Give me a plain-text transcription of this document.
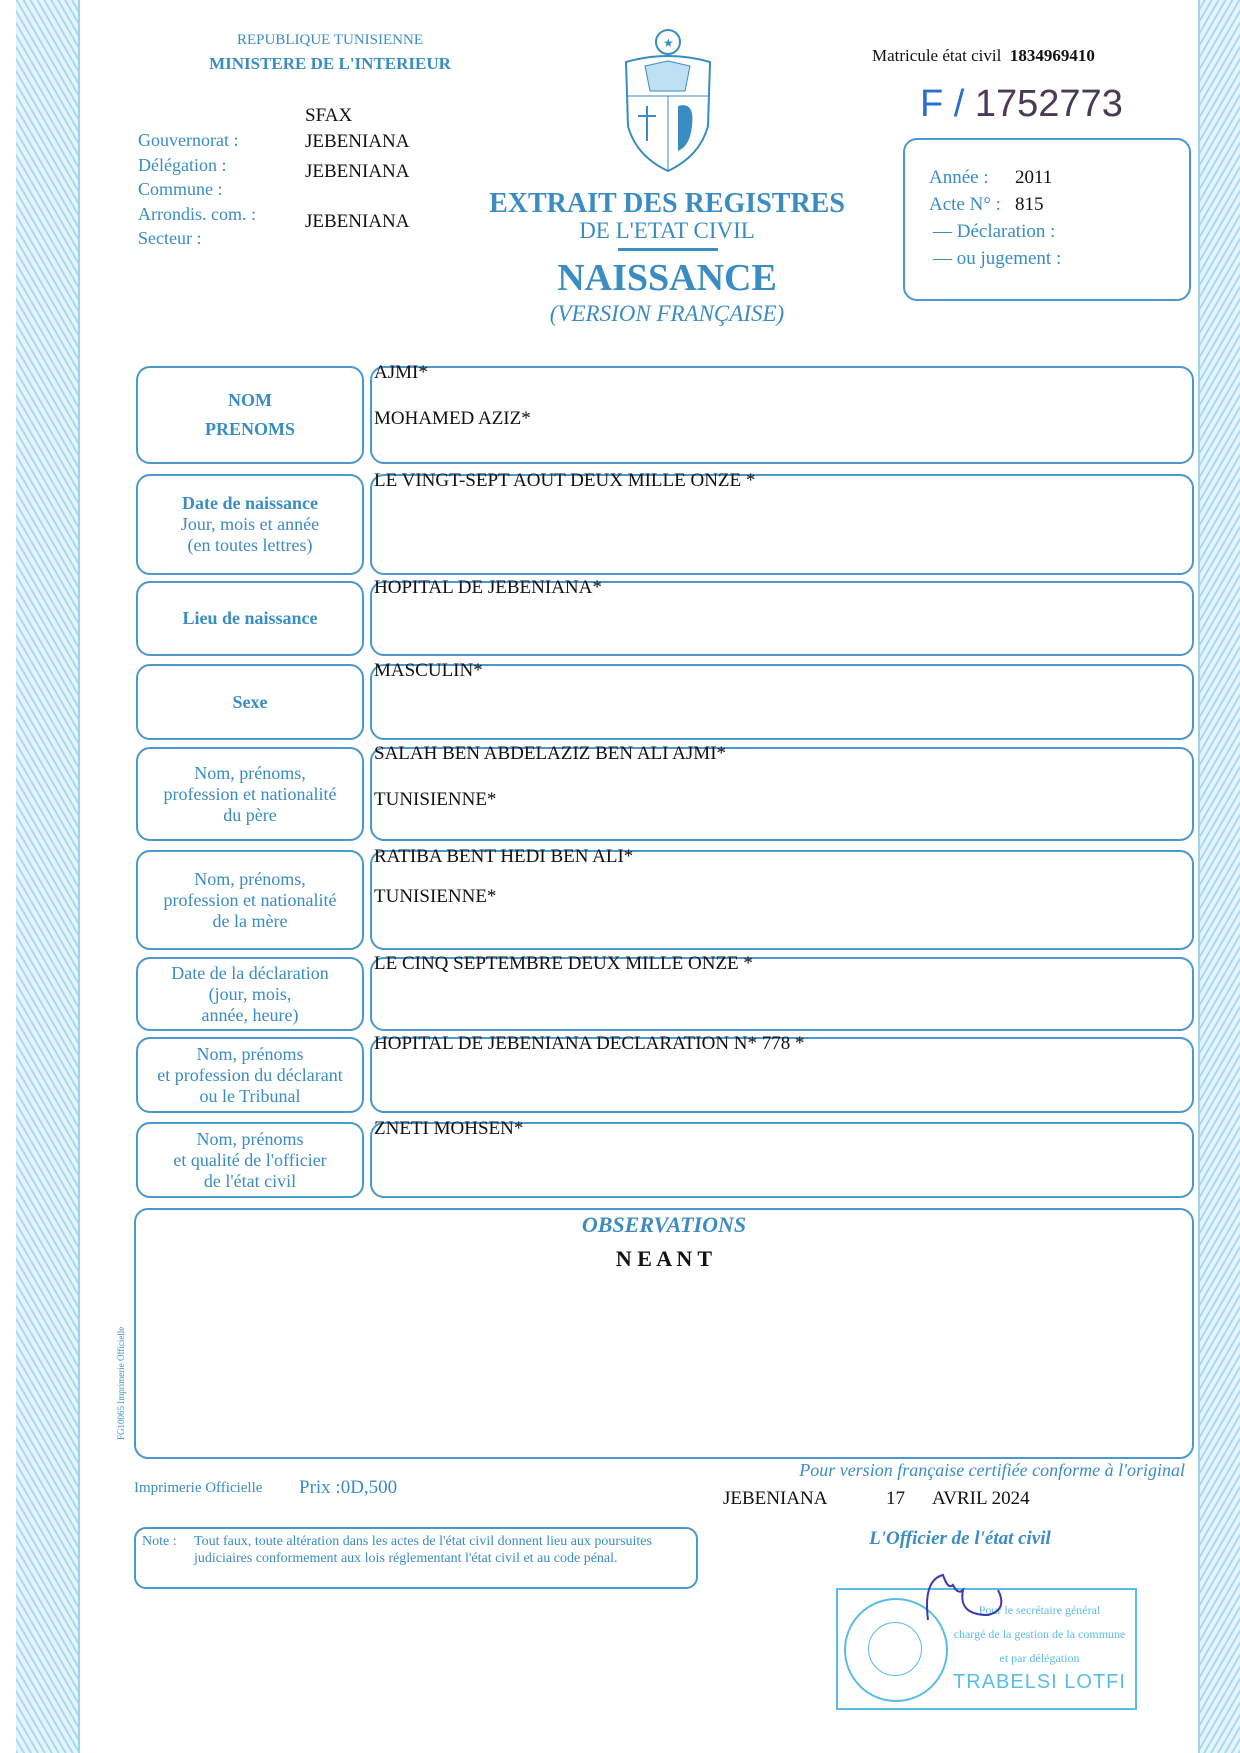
REPUBLIQUE TUNISIENNE
MINISTERE DE L'INTERIEUR
★
Matricule état civil 1834969410
F / 1752773
Gouvernorat :
Délégation :
Commune :
Arrondis. com. :
Secteur :
SFAX
JEBENIANA
JEBENIANA
JEBENIANA
EXTRAIT DES REGISTRES
DE L'ETAT CIVIL
NAISSANCE
(VERSION FRANÇAISE)
2011
815
Année :
Acte N° :
— Déclaration :
— ou jugement :
NOM
PRENOMS
AJMI*
MOHAMED AZIZ*
Date de naissance
Jour, mois et année
(en toutes lettres)
LE VINGT-SEPT AOUT DEUX MILLE ONZE *
Lieu de naissance
HOPITAL DE JEBENIANA*
Sexe
MASCULIN*
Nom, prénoms,
profession et nationalité
du père
SALAH BEN ABDELAZIZ BEN ALI AJMI*
TUNISIENNE*
Nom, prénoms,
profession et nationalité
de la mère
RATIBA BENT HEDI BEN ALI*
TUNISIENNE*
Date de la déclaration
(jour, mois,
année, heure)
LE CINQ SEPTEMBRE DEUX MILLE ONZE *
Nom, prénoms
et profession du déclarant
ou le Tribunal
HOPITAL DE JEBENIANA DECLARATION N* 778 *
Nom, prénoms
et qualité de l'officier
de l'état civil
ZNETI MOHSEN*
OBSERVATIONS
N E A N T
FG10065 Imprimerie Officielle
Imprimerie Officielle Prix :0D,500
Pour version française certifiée conforme à l'original
JEBENIANA	17 AVRIL 2024
L'Officier de l'état civil
Note : Tout faux, toute altération dans les actes de l'état civil donnent lieu aux poursuites judiciaires conformement aux lois réglementant l'état civil et au code pénal.
Pour le secrétaire général
chargé de la gestion de la commune
et par délégation
TRABELSI LOTFI
